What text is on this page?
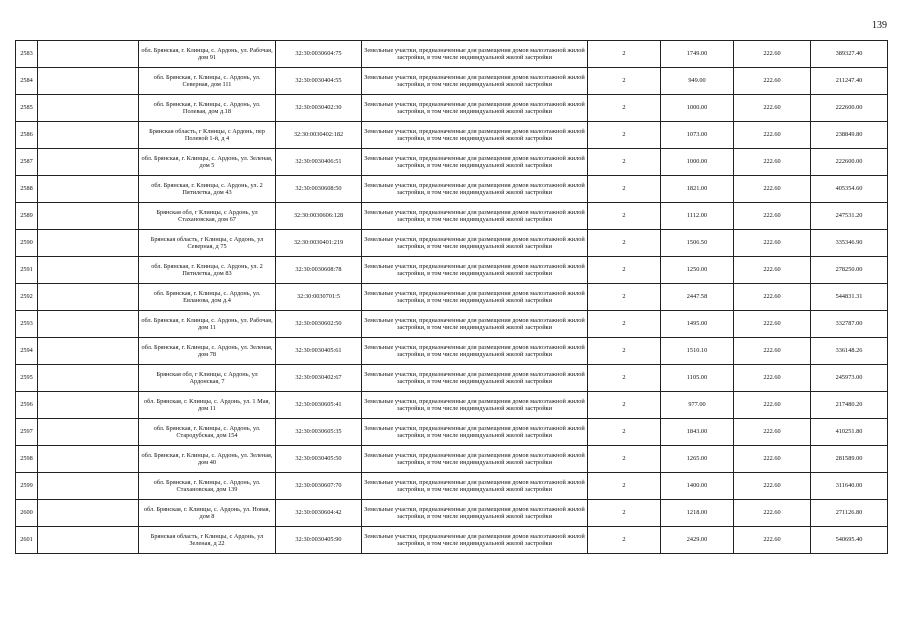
139
2583		обл. Брянская, г. Клинцы, с. Ардонь, ул. Рабочая, дом 91	32:30:0030604:75	Земельные участки, предназначенные для размещения домов малоэтажной жилой застройки, в том числе индивидуальной жилой застройки	2	1749.00	222.60	389327.40
2584		обл. Брянская, г. Клинцы, с. Ардонь, ул. Северная, дом 111	32:30:0030404:55	Земельные участки, предназначенные для размещения домов малоэтажной жилой застройки, в том числе индивидуальной жилой застройки	2	949.00	222.60	211247.40
2585		обл. Брянская, г. Клинцы, с. Ардонь, ул. Полевая, дом д.18	32:30:0030402:30	Земельные участки, предназначенные для размещения домов малоэтажной жилой застройки, в том числе индивидуальной жилой застройки	2	1000.00	222.60	222600.00
2586		Брянская область, г Клинцы, с Ардонь, пер Полевой 1-й, д 4	32:30:0030402:182	Земельные участки, предназначенные для размещения домов малоэтажной жилой застройки, в том числе индивидуальной жилой застройки	2	1073.00	222.60	238849.80
2587		обл. Брянская, г. Клинцы, с. Ардонь, ул. Зеленая, дом 5	32:30:0030406:51	Земельные участки, предназначенные для размещения домов малоэтажной жилой застройки, в том числе индивидуальной жилой застройки	2	1000.00	222.60	222600.00
2588		обл. Брянская, г. Клинцы, с. Ардонь, ул. 2 Пятилетка, дом 43	32:30:0030608:50	Земельные участки, предназначенные для размещения домов малоэтажной жилой застройки, в том числе индивидуальной жилой застройки	2	1821.00	222.60	405354.60
2589		Брянская обл, г Клинцы, с Ардонь, ул Стахановская, дом 67	32:30:0030606:128	Земельные участки, предназначенные для размещения домов малоэтажной жилой застройки, в том числе индивидуальной жилой застройки	2	1112.00	222.60	247531.20
2590		Брянская область, г Клинцы, с Ардонь, ул Северная, д 75	32:30:0030401:219	Земельные участки, предназначенные для размещения домов малоэтажной жилой застройки, в том числе индивидуальной жилой застройки	2	1506.50	222.60	335346.90
2591		обл. Брянская, г. Клинцы, с. Ардонь, ул. 2 Пятилетка, дом 83	32:30:0030608:78	Земельные участки, предназначенные для размещения домов малоэтажной жилой застройки, в том числе индивидуальной жилой застройки	2	1250.00	222.60	278250.00
2592		обл. Брянская, г. Клинцы, с. Ардонь, ул. Евланова, дом д.4	32:30:0030701:5	Земельные участки, предназначенные для размещения домов малоэтажной жилой застройки, в том числе индивидуальной жилой застройки	2	2447.58	222.60	544831.31
2593		обл. Брянская, г. Клинцы, с. Ардонь, ул. Рабочая, дом 11	32:30:0030602:50	Земельные участки, предназначенные для размещения домов малоэтажной жилой застройки, в том числе индивидуальной жилой застройки	2	1495.00	222.60	332787.00
2594		обл. Брянская, г. Клинцы, с. Ардонь, ул. Зеленая, дом 78	32:30:0030405:61	Земельные участки, предназначенные для размещения домов малоэтажной жилой застройки, в том числе индивидуальной жилой застройки	2	1510.10	222.60	336148.26
2595		Брянская обл, г Клинцы, с Ардонь, ул Ардонская, 7	32:30:0030402:67	Земельные участки, предназначенные для размещения домов малоэтажной жилой застройки, в том числе индивидуальной жилой застройки	2	1105.00	222.60	245973.00
2596		обл. Брянская, г. Клинцы, с. Ардонь, ул. 1 Мая, дом 11	32:30:0030605:41	Земельные участки, предназначенные для размещения домов малоэтажной жилой застройки, в том числе индивидуальной жилой застройки	2	977.00	222.60	217480.20
2597		обл. Брянская, г. Клинцы, с. Ардонь, ул. Стародубская, дом 154	32:30:0030605:35	Земельные участки, предназначенные для размещения домов малоэтажной жилой застройки, в том числе индивидуальной жилой застройки	2	1843.00	222.60	410251.80
2598		обл. Брянская, г. Клинцы, с. Ардонь, ул. Зеленая, дом 40	32:30:0030405:50	Земельные участки, предназначенные для размещения домов малоэтажной жилой застройки, в том числе индивидуальной жилой застройки	2	1265.00	222.60	281589.00
2599		обл. Брянская, г. Клинцы, с. Ардонь, ул. Стахановская, дом 139	32:30:0030607:70	Земельные участки, предназначенные для размещения домов малоэтажной жилой застройки, в том числе индивидуальной жилой застройки	2	1400.00	222.60	311640.00
2600		обл. Брянская, г. Клинцы, с. Ардонь, ул. Новая, дом 8	32:30:0030604:42	Земельные участки, предназначенные для размещения домов малоэтажной жилой застройки, в том числе индивидуальной жилой застройки	2	1218.00	222.60	271126.80
2601		Брянская область, г Клинцы, с Ардонь, ул Зеленая, д 22	32:30:0030405:90	Земельные участки, предназначенные для размещения домов малоэтажной жилой застройки, в том числе индивидуальной жилой застройки	2	2429.00	222.60	540695.40
